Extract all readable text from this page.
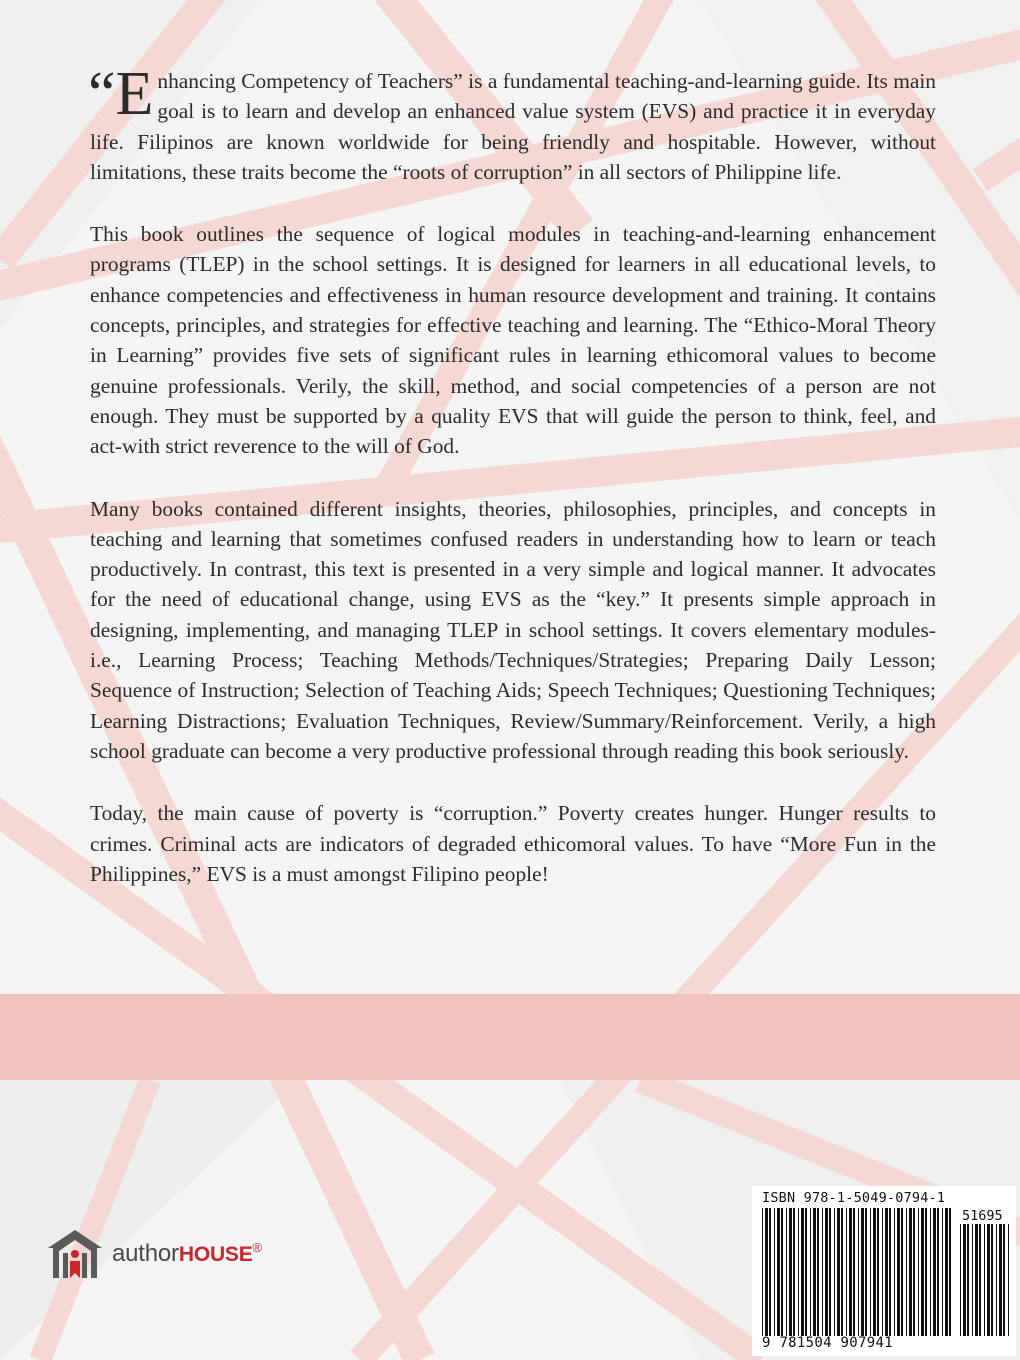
“Enhancing Competency of Teachers” is a fundamental teaching-and-learning guide. Its main goal is to learn and develop an enhanced value system (EVS) and practice it in everyday life. Filipinos are known worldwide for being friendly and hospitable. However, without limitations, these traits become the “roots of corruption” in all sectors of Philippine life.

This book outlines the sequence of logical modules in teaching-and-learning enhancement programs (TLEP) in the school settings. It is designed for learners in all educational levels, to enhance competencies and effectiveness in human resource development and training. It contains concepts, principles, and strategies for effective teaching and learning. The “Ethico-Moral Theory in Learning” provides five sets of significant rules in learning ethicomoral values to become genuine professionals. Verily, the skill, method, and social competencies of a person are not enough. They must be supported by a quality EVS that will guide the person to think, feel, and act-with strict reverence to the will of God.

Many books contained different insights, theories, philosophies, principles, and concepts in teaching and learning that sometimes confused readers in understanding how to learn or teach productively. In contrast, this text is presented in a very simple and logical manner. It advocates for the need of educational change, using EVS as the “key.” It presents simple approach in designing, implementing, and managing TLEP in school settings. It covers elementary modules-i.e., Learning Process; Teaching Methods/Techniques/Strategies; Preparing Daily Lesson; Sequence of Instruction; Selection of Teaching Aids; Speech Techniques; Questioning Techniques; Learning Distractions; Evaluation Techniques, Review/Summary/Reinforcement. Verily, a high school graduate can become a very productive professional through reading this book seriously.

Today, the main cause of poverty is “corruption.” Poverty creates hunger. Hunger results to crimes. Criminal acts are indicators of degraded ethicomoral values. To have “More Fun in the Philippines,” EVS is a must amongst Filipino people!

authorHOUSE®
ISBN 978-1-5049-0794-1
51695
9 781504 907941
